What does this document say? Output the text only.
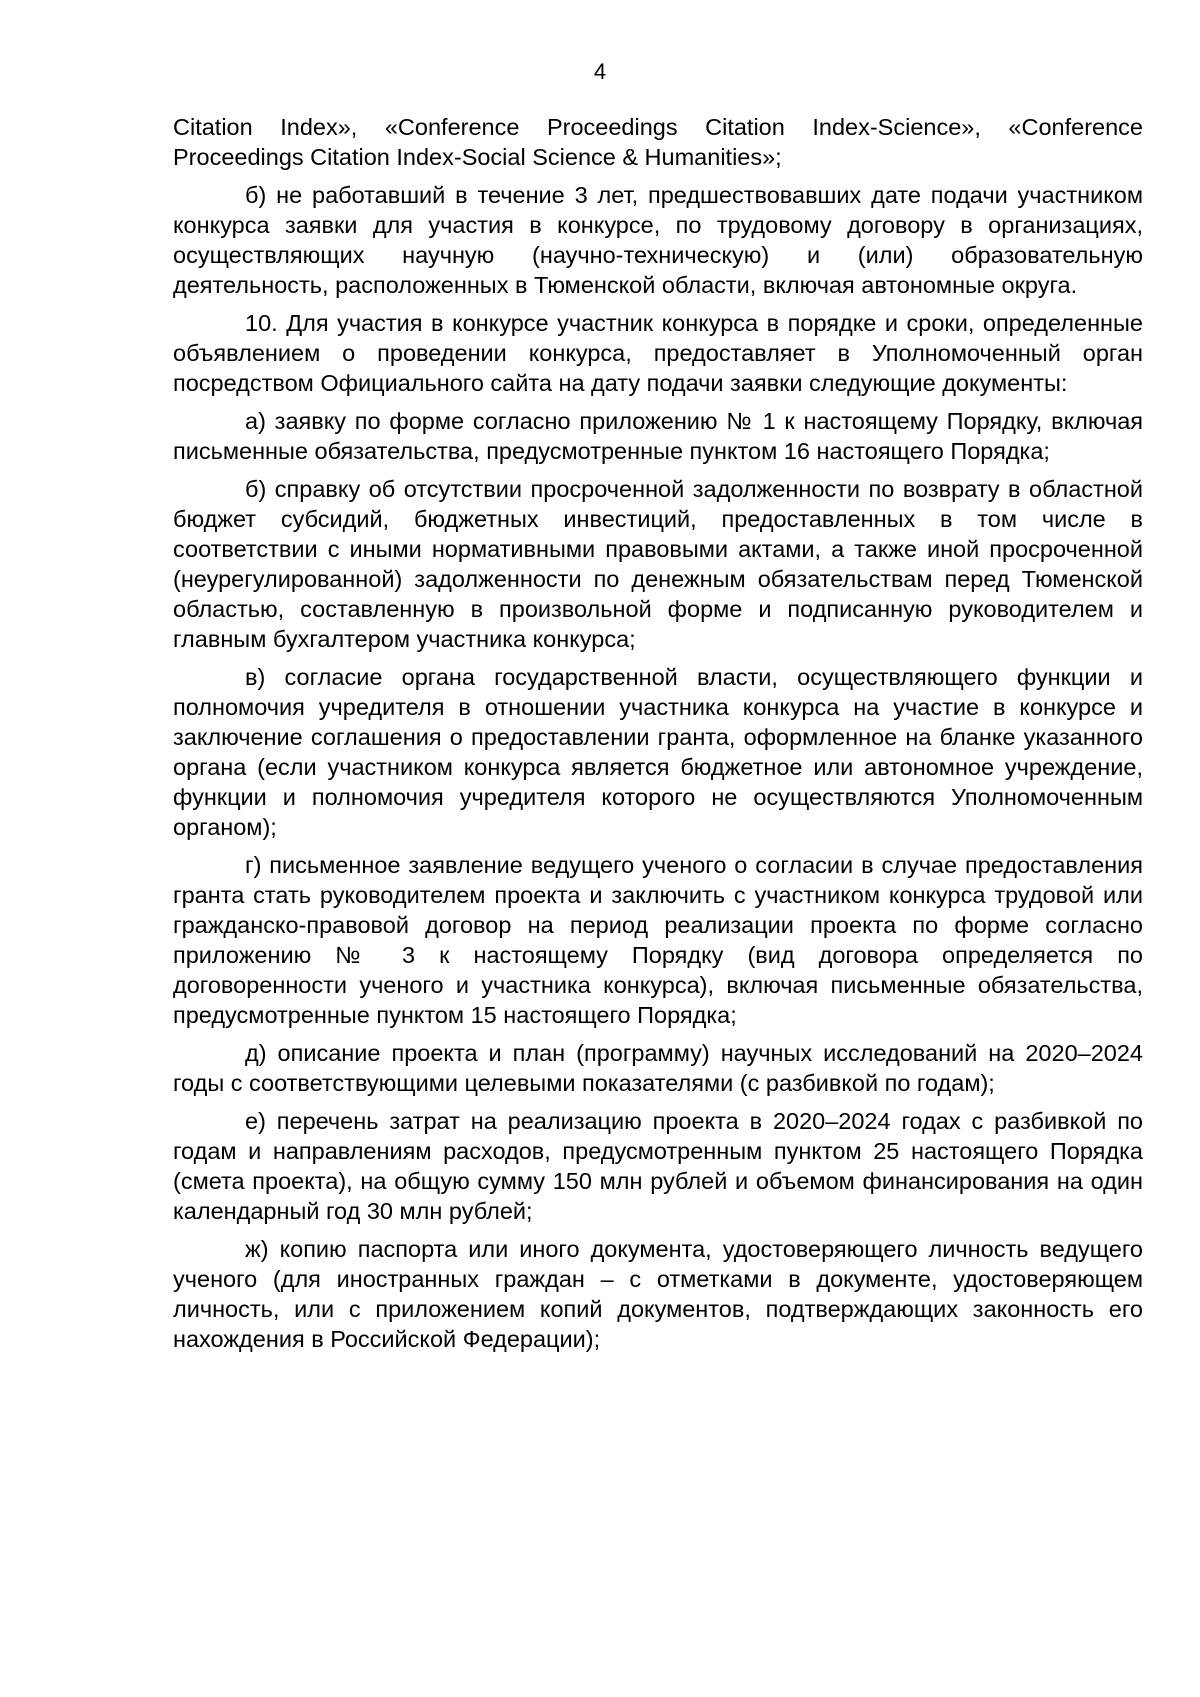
4

Citation Index», «Conference Proceedings Citation Index-Science», «Conference Proceedings Citation Index-Social Science & Humanities»;

б) не работавший в течение 3 лет, предшествовавших дате подачи участником конкурса заявки для участия в конкурсе, по трудовому договору в организациях, осуществляющих научную (научно-техническую) и (или) образовательную деятельность, расположенных в Тюменской области, включая автономные округа.

10. Для участия в конкурсе участник конкурса в порядке и сроки, определенные объявлением о проведении конкурса, предоставляет в Уполномоченный орган посредством Официального сайта на дату подачи заявки следующие документы:

а) заявку по форме согласно приложению № 1 к настоящему Порядку, включая письменные обязательства, предусмотренные пунктом 16 настоящего Порядка;

б) справку об отсутствии просроченной задолженности по возврату в областной бюджет субсидий, бюджетных инвестиций, предоставленных в том числе в соответствии с иными нормативными правовыми актами, а также иной просроченной (неурегулированной) задолженности по денежным обязательствам перед Тюменской областью, составленную в произвольной форме и подписанную руководителем и главным бухгалтером участника конкурса;

в) согласие органа государственной власти, осуществляющего функции и полномочия учредителя в отношении участника конкурса на участие в конкурсе и заключение соглашения о предоставлении гранта, оформленное на бланке указанного органа (если участником конкурса является бюджетное или автономное учреждение, функции и полномочия учредителя которого не осуществляются Уполномоченным органом);

г) письменное заявление ведущего ученого о согласии в случае предоставления гранта стать руководителем проекта и заключить с участником конкурса трудовой или гражданско-правовой договор на период реализации проекта по форме согласно приложению № 3 к настоящему Порядку (вид договора определяется по договоренности ученого и участника конкурса), включая письменные обязательства, предусмотренные пунктом 15 настоящего Порядка;

д) описание проекта и план (программу) научных исследований на 2020–2024 годы с соответствующими целевыми показателями (с разбивкой по годам);

е) перечень затрат на реализацию проекта в 2020–2024 годах с разбивкой по годам и направлениям расходов, предусмотренным пунктом 25 настоящего Порядка (смета проекта), на общую сумму 150 млн рублей и объемом финансирования на один календарный год 30 млн рублей;

ж) копию паспорта или иного документа, удостоверяющего личность ведущего ученого (для иностранных граждан – с отметками в документе, удостоверяющем личность, или с приложением копий документов, подтверждающих законность его нахождения в Российской Федерации);
